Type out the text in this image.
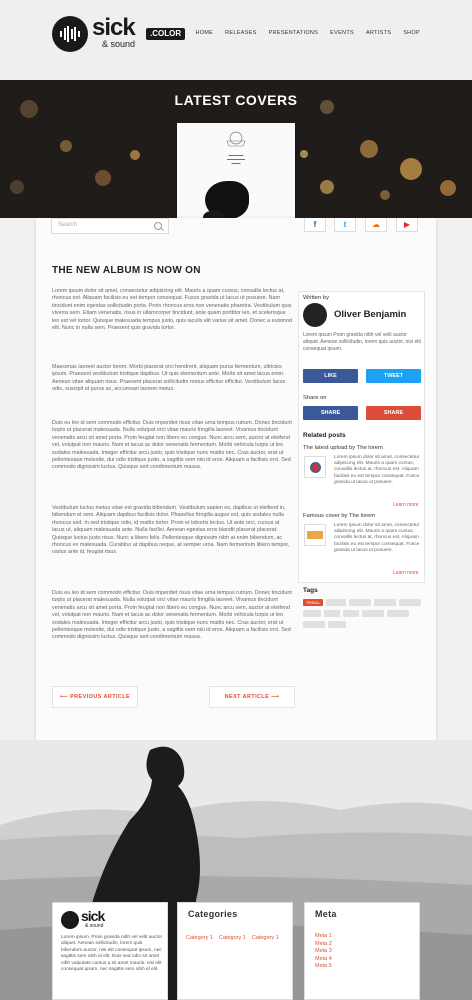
sick
& sound
.COLOR	HOME RELEASES PRESENTATIONS EVENTS ARTISTS SHOP
LATEST COVERS
▬▬▬▬▬
▬▬▬▬▬▬
▬▬▬
Search	f	t	☁	▶
THE NEW ALBUM IS NOW ON

Lorem ipsum dolor sit amet, consectetur adipiscing elit. Mauris a quam cursus, convallis lectus at, rhoncus est. Aliquam facilisis eu est tempor consequat. Fusce gravida ut lacus ut posuere. Nam tincidunt enim egestas sollicitudin porta. Proin rhoncus eros non venenatis pharetra. Vestibulum quis viverra sem. Etiam venenatis, risus in ullamcorper tincidunt, ante quam porttitor leo, et scelerisque leo est vel tortor. Quisque malesuada tempus justo, quis iaculis elit varius sit amet. Donec a euismod elit. Nunc in nulla sem. Praesent quis gravida tortor.

Maecenas laoreet auctor lorem. Morbi placerat orci hendrerit, aliquam purus fermentum, ultricies ipsum. Praesent vestibulum tristique dapibus. Ut quis elementum ante. Morbi sit amet lacus enim. Aenean vitae aliquam risus. Praesent placerat sollicitudin metus efficitur efficitur. Vestibulum lacus odio, suscipit ut purus ac, accumsan laoreet metus.

Duis eu leo id sem commodo efficitur. Duis imperdiet risus vitae urna tempus rutrum. Donec tincidunt turpis ut placerat malesuada. Nulla volutpat orci vitae mauris fringilla laoreet. Vivamus tincidunt venenatis arcu sit amet porta. Proin feugiat non libero eu congue. Nunc arcu sem, auctor at eleifend vel, volutpat non mauris. Nam et lacus ac dolor venenatis fermentum. Morbi vehicula turpis ut leo sodales malesuada. Integer efficitur arcu justo, quis tristique nunc mattis nec. Cras auctor, erat ut pellentesque molestie, dui odio tristique justo, a sagittis sem nisi id eros. Aliquam a facilisis orci. Sed commodo dignissim luctus. Quisque sed condimentum massa.

Vestibulum luctus metus vitae est gravida bibendum. Vestibulum sapien ex, dapibus ut eleifend in, bibendum et sem. Aliquam dapibus facilisis dolor. Phasellus fringilla augue est, quis sodales nulla rhoncus sed. In sed tristique odio, id mattis tortor. Proin et lobortis lectus. Ut ante orci, cursus at lacus ut, aliquam malesuada ante. Nulla facilisi. Aenean egestas eros blandit placerat placerat. Quisque luctus justo risus. Nunc a libero felis. Pellentesque dignissim nibh at enim bibendum, ac rhoncus ex malesuada. Curabitur at dapibus neque, at semper urna. Nam fermentum libero tempor, varius ante id, feugiat risus.

Duis eu leo id sem commodo efficitur. Duis imperdiet risus vitae urna tempus rutrum. Donec tincidunt turpis ut placerat malesuada. Nulla volutpat orci vitae mauris fringilla laoreet. Vivamus tincidunt venenatis arcu sit amet porta. Proin feugiat non libero eu congue. Nunc arcu sem, auctor at eleifend vel, volutpat non mauris. Nam et lacus ac dolor venenatis fermentum. Morbi vehicula turpis ut leo sodales malesuada. Integer efficitur arcu justo, quis tristique nunc mattis nec. Cras auctor, erat ut pellentesque molestie, dui odio tristique justo, a sagittis sem nisi id eros. Aliquam a facilisis orci. Sed commodo dignissim luctus. Quisque sed condimentum massa.

⟵ PREVIOUS ARTICLE	NEXT ARTICLE ⟶
Written by
Oliver Benjamin
Lorem ipsum Proin gravida nibh vel velit auctor aliquet. Aenean sollicitudin, lorem quis auctor, nisi elit consequat ipsum.
LIKE	TWEET
Share on
SHARE	SHARE
Related posts
The latest upload by The lorem
Lorem ipsum dolor sit amet, consectetur adipiscing elit. Mauris a quam cursus, convallis lectus at, rhoncus est. Aliquam facilisis eu est tempor consequat. Fusce gravida ut lacus ut posuere.
Learn more
Famous cover by The lorem
Lorem ipsum dolor sit amet, consectetur adipiscing elit. Mauris a quam cursus, convallis lectus at, rhoncus est. Aliquam facilisis eu est tempor consequat. Fusce gravida ut lacus ut posuere.
Learn more
Tags
TRIBAL
sick
& sound
Lorem ipsum. Proin gravida nibh vel velit auctor aliquet. Aenean sollicitudin, lorem quis bibendum auctor, nisi elit consequat ipsum, nec sagittis sem nibh id elit. Duis sed odio sit amet nibh vulputate cursus a sit amet mauris. nisi elit consequat ipsum, nec sagittis sem nibh id elit.
Categories
Category 1 Category 1 Category 1
Meta
Meta 1
Meta 2
Meta 3
Meta 4
Meta 5
